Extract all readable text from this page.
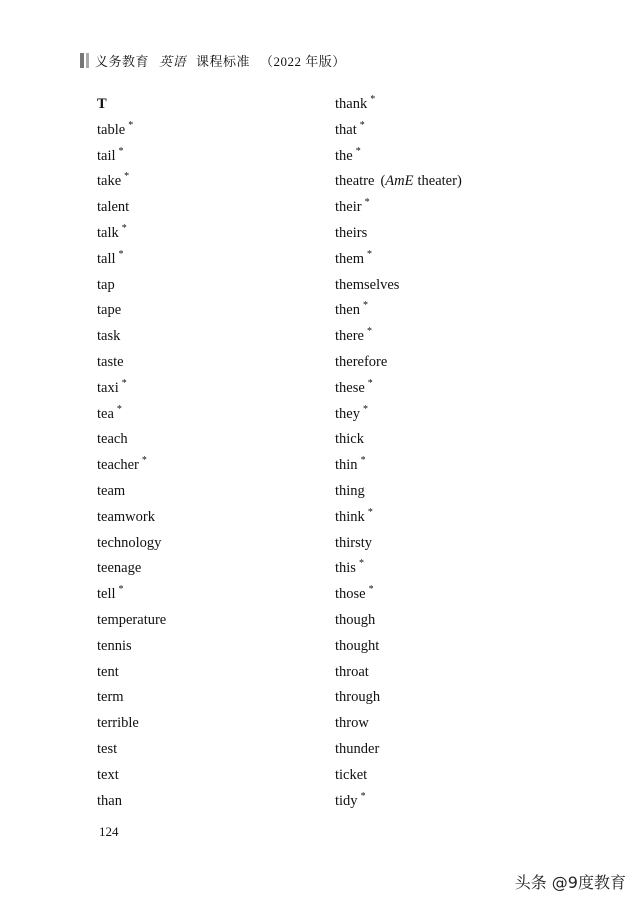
义务教育 英语 课程标准 （2022 年版）
T
table *
tail *
take *
talent
talk *
tall *
tap
tape
task
taste
taxi *
tea *
teach
teacher *
team
teamwork
technology
teenage
tell *
temperature
tennis
tent
term
terrible
test
text
than
thank *
that *
the *
theatre (AmE theater)
their *
theirs
them *
themselves
then *
there *
therefore
these *
they *
thick
thin *
thing
think *
thirsty
this *
those *
though
thought
throat
through
throw
thunder
ticket
tidy *
124
头条 @9度教育
